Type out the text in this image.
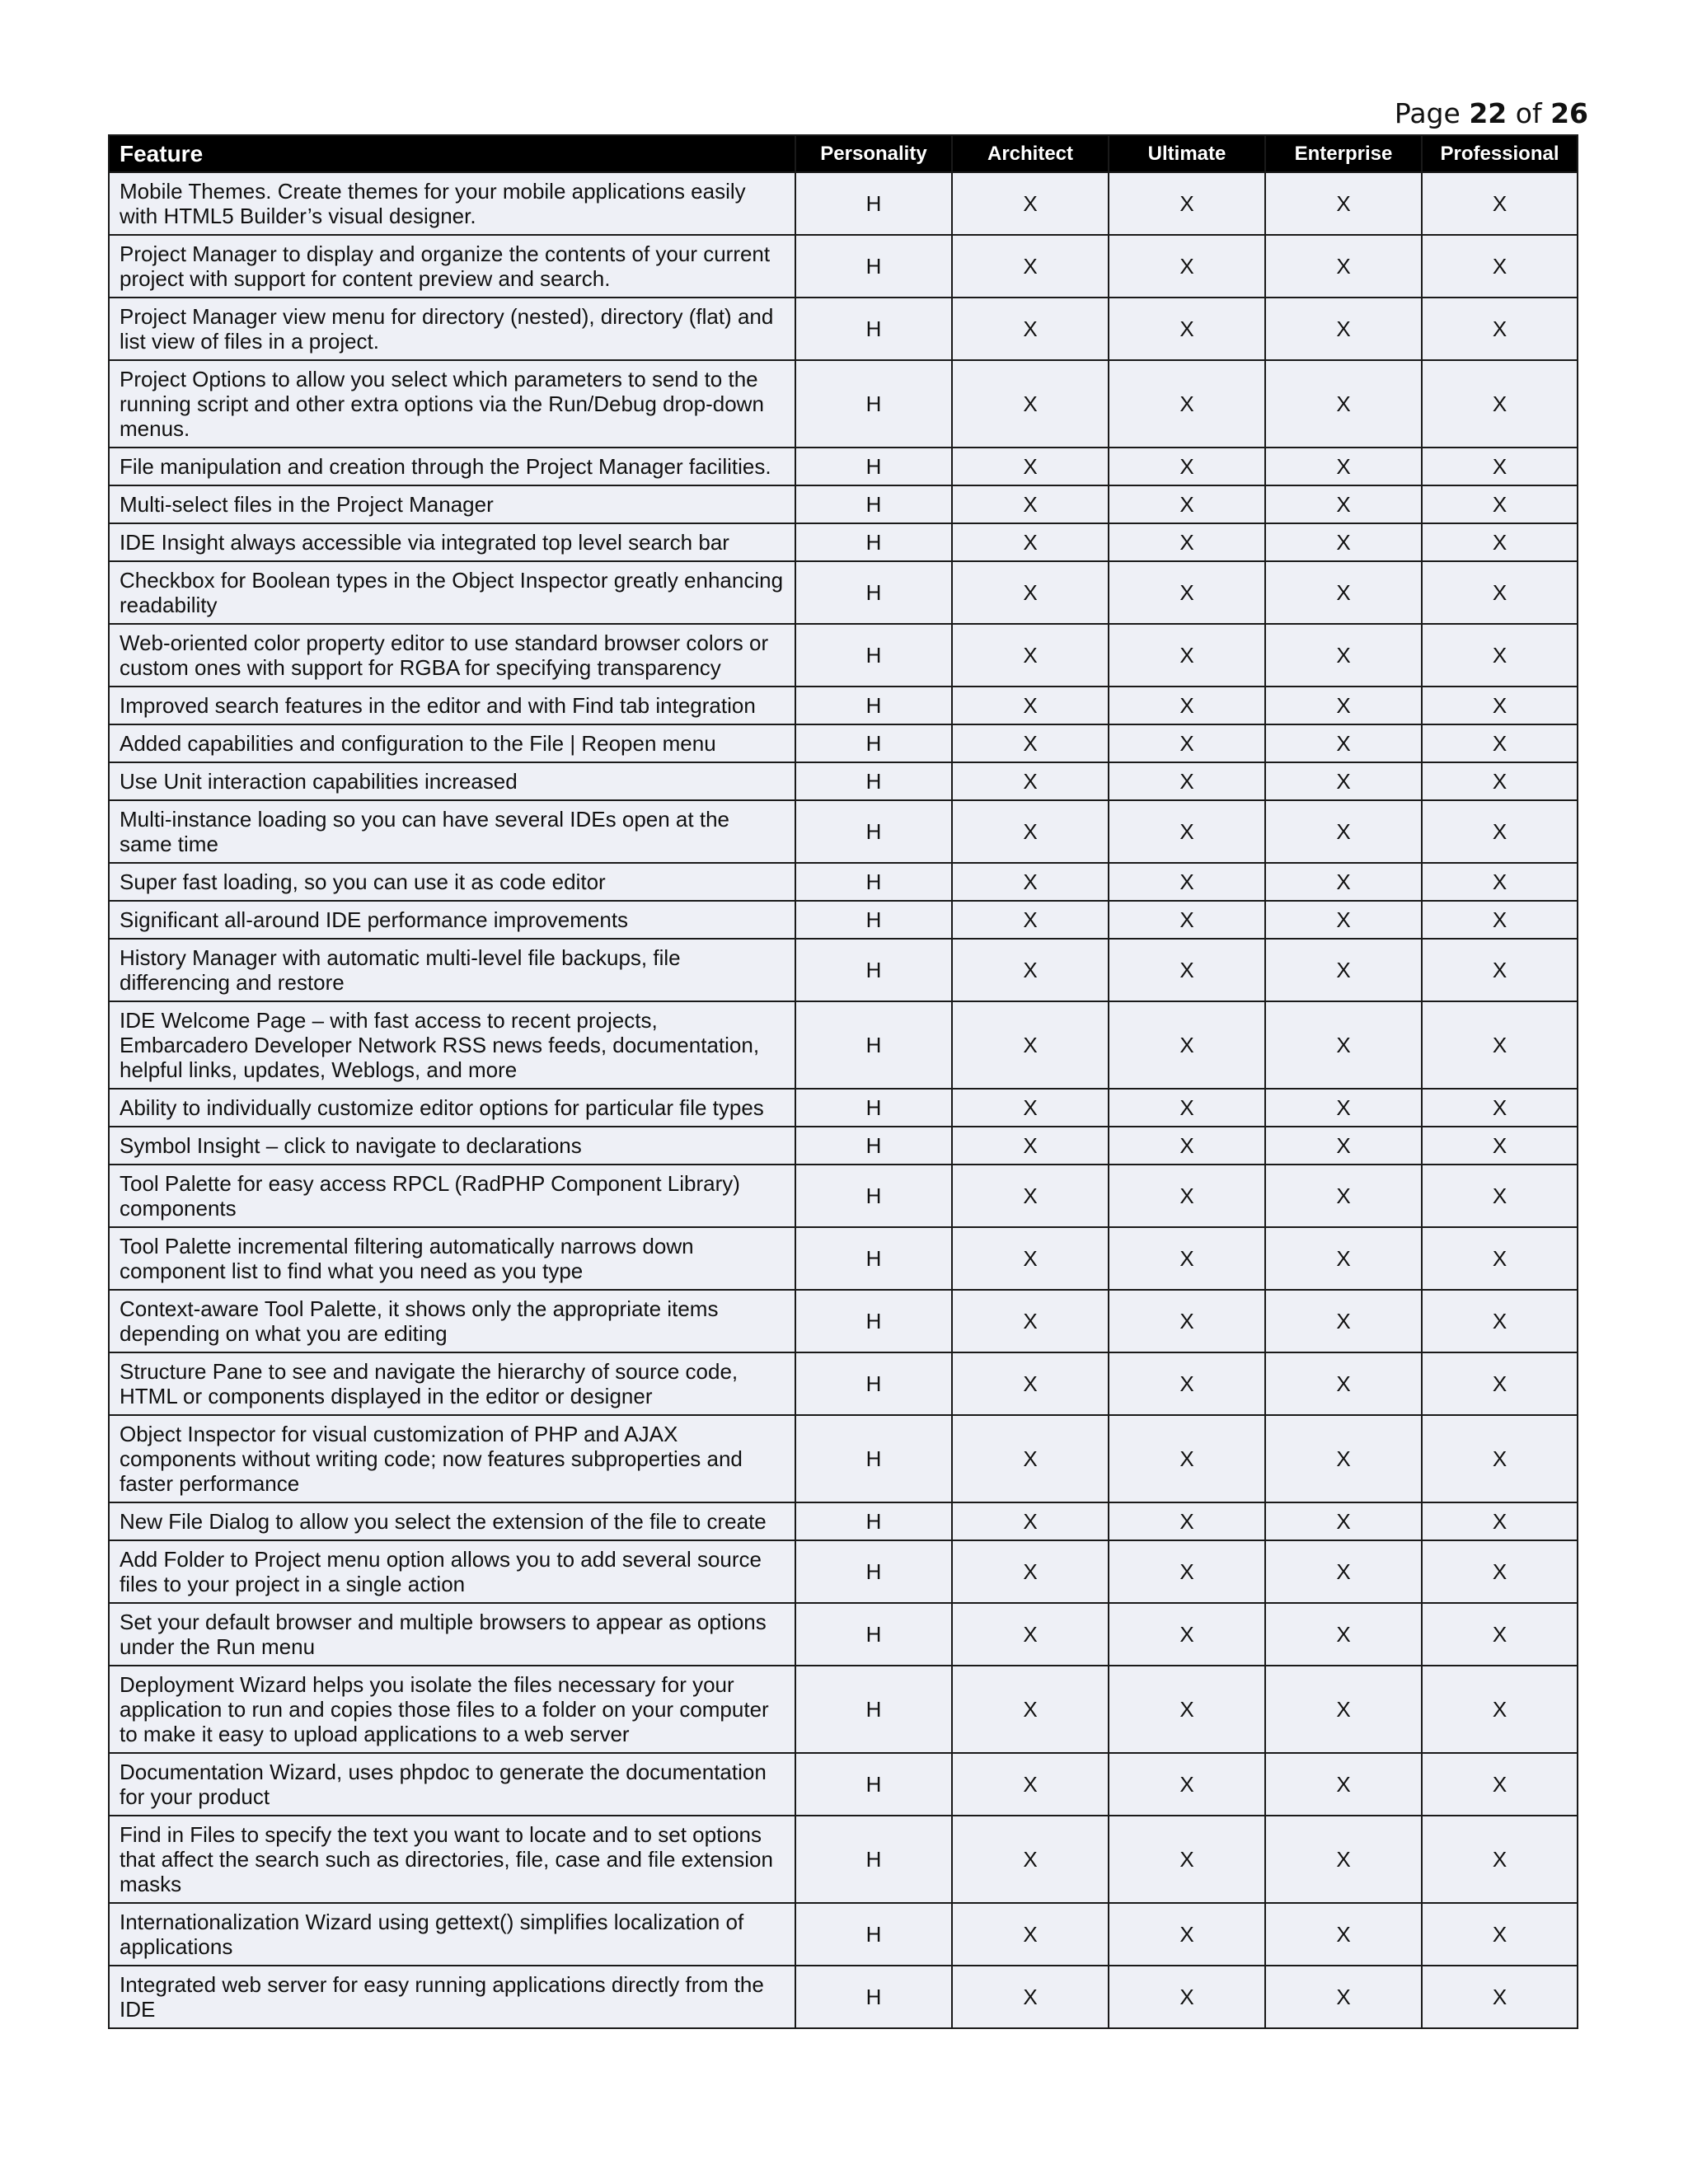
Page 22 of 26
Feature	Personality	Architect	Ultimate	Enterprise	Professional
Mobile Themes. Create themes for your mobile applications easily with HTML5 Builder’s visual designer.	H	X	X	X	X
Project Manager to display and organize the contents of your current project with support for content preview and search.	H	X	X	X	X
Project Manager view menu for directory (nested), directory (flat) and list view of files in a project.	H	X	X	X	X
Project Options to allow you select which parameters to send to the running script and other extra options via the Run/Debug drop-down menus.	H	X	X	X	X
File manipulation and creation through the Project Manager facilities.	H	X	X	X	X
Multi-select files in the Project Manager	H	X	X	X	X
IDE Insight always accessible via integrated top level search bar	H	X	X	X	X
Checkbox for Boolean types in the Object Inspector greatly enhancing readability	H	X	X	X	X
Web-oriented color property editor to use standard browser colors or custom ones with support for RGBA for specifying transparency	H	X	X	X	X
Improved search features in the editor and with Find tab integration	H	X	X	X	X
Added capabilities and configuration to the File | Reopen menu	H	X	X	X	X
Use Unit interaction capabilities increased	H	X	X	X	X
Multi-instance loading so you can have several IDEs open at the same time	H	X	X	X	X
Super fast loading, so you can use it as code editor	H	X	X	X	X
Significant all-around IDE performance improvements	H	X	X	X	X
History Manager with automatic multi-level file backups, file differencing and restore	H	X	X	X	X
IDE Welcome Page – with fast access to recent projects, Embarcadero Developer Network RSS news feeds, documentation, helpful links, updates, Weblogs, and more	H	X	X	X	X
Ability to individually customize editor options for particular file types	H	X	X	X	X
Symbol Insight – click to navigate to declarations	H	X	X	X	X
Tool Palette for easy access RPCL (RadPHP Component Library) components	H	X	X	X	X
Tool Palette incremental filtering automatically narrows down component list to find what you need as you type	H	X	X	X	X
Context-aware Tool Palette, it shows only the appropriate items depending on what you are editing	H	X	X	X	X
Structure Pane to see and navigate the hierarchy of source code, HTML or components displayed in the editor or designer	H	X	X	X	X
Object Inspector for visual customization of PHP and AJAX components without writing code; now features subproperties and faster performance	H	X	X	X	X
New File Dialog to allow you select the extension of the file to create	H	X	X	X	X
Add Folder to Project menu option allows you to add several source files to your project in a single action	H	X	X	X	X
Set your default browser and multiple browsers to appear as options under the Run menu	H	X	X	X	X
Deployment Wizard helps you isolate the files necessary for your application to run and copies those files to a folder on your computer to make it easy to upload applications to a web server	H	X	X	X	X
Documentation Wizard, uses phpdoc to generate the documentation for your product	H	X	X	X	X
Find in Files to specify the text you want to locate and to set options that affect the search such as directories, file, case and file extension masks	H	X	X	X	X
Internationalization Wizard using gettext() simplifies localization of applications	H	X	X	X	X
Integrated web server for easy running applications directly from the IDE	H	X	X	X	X
